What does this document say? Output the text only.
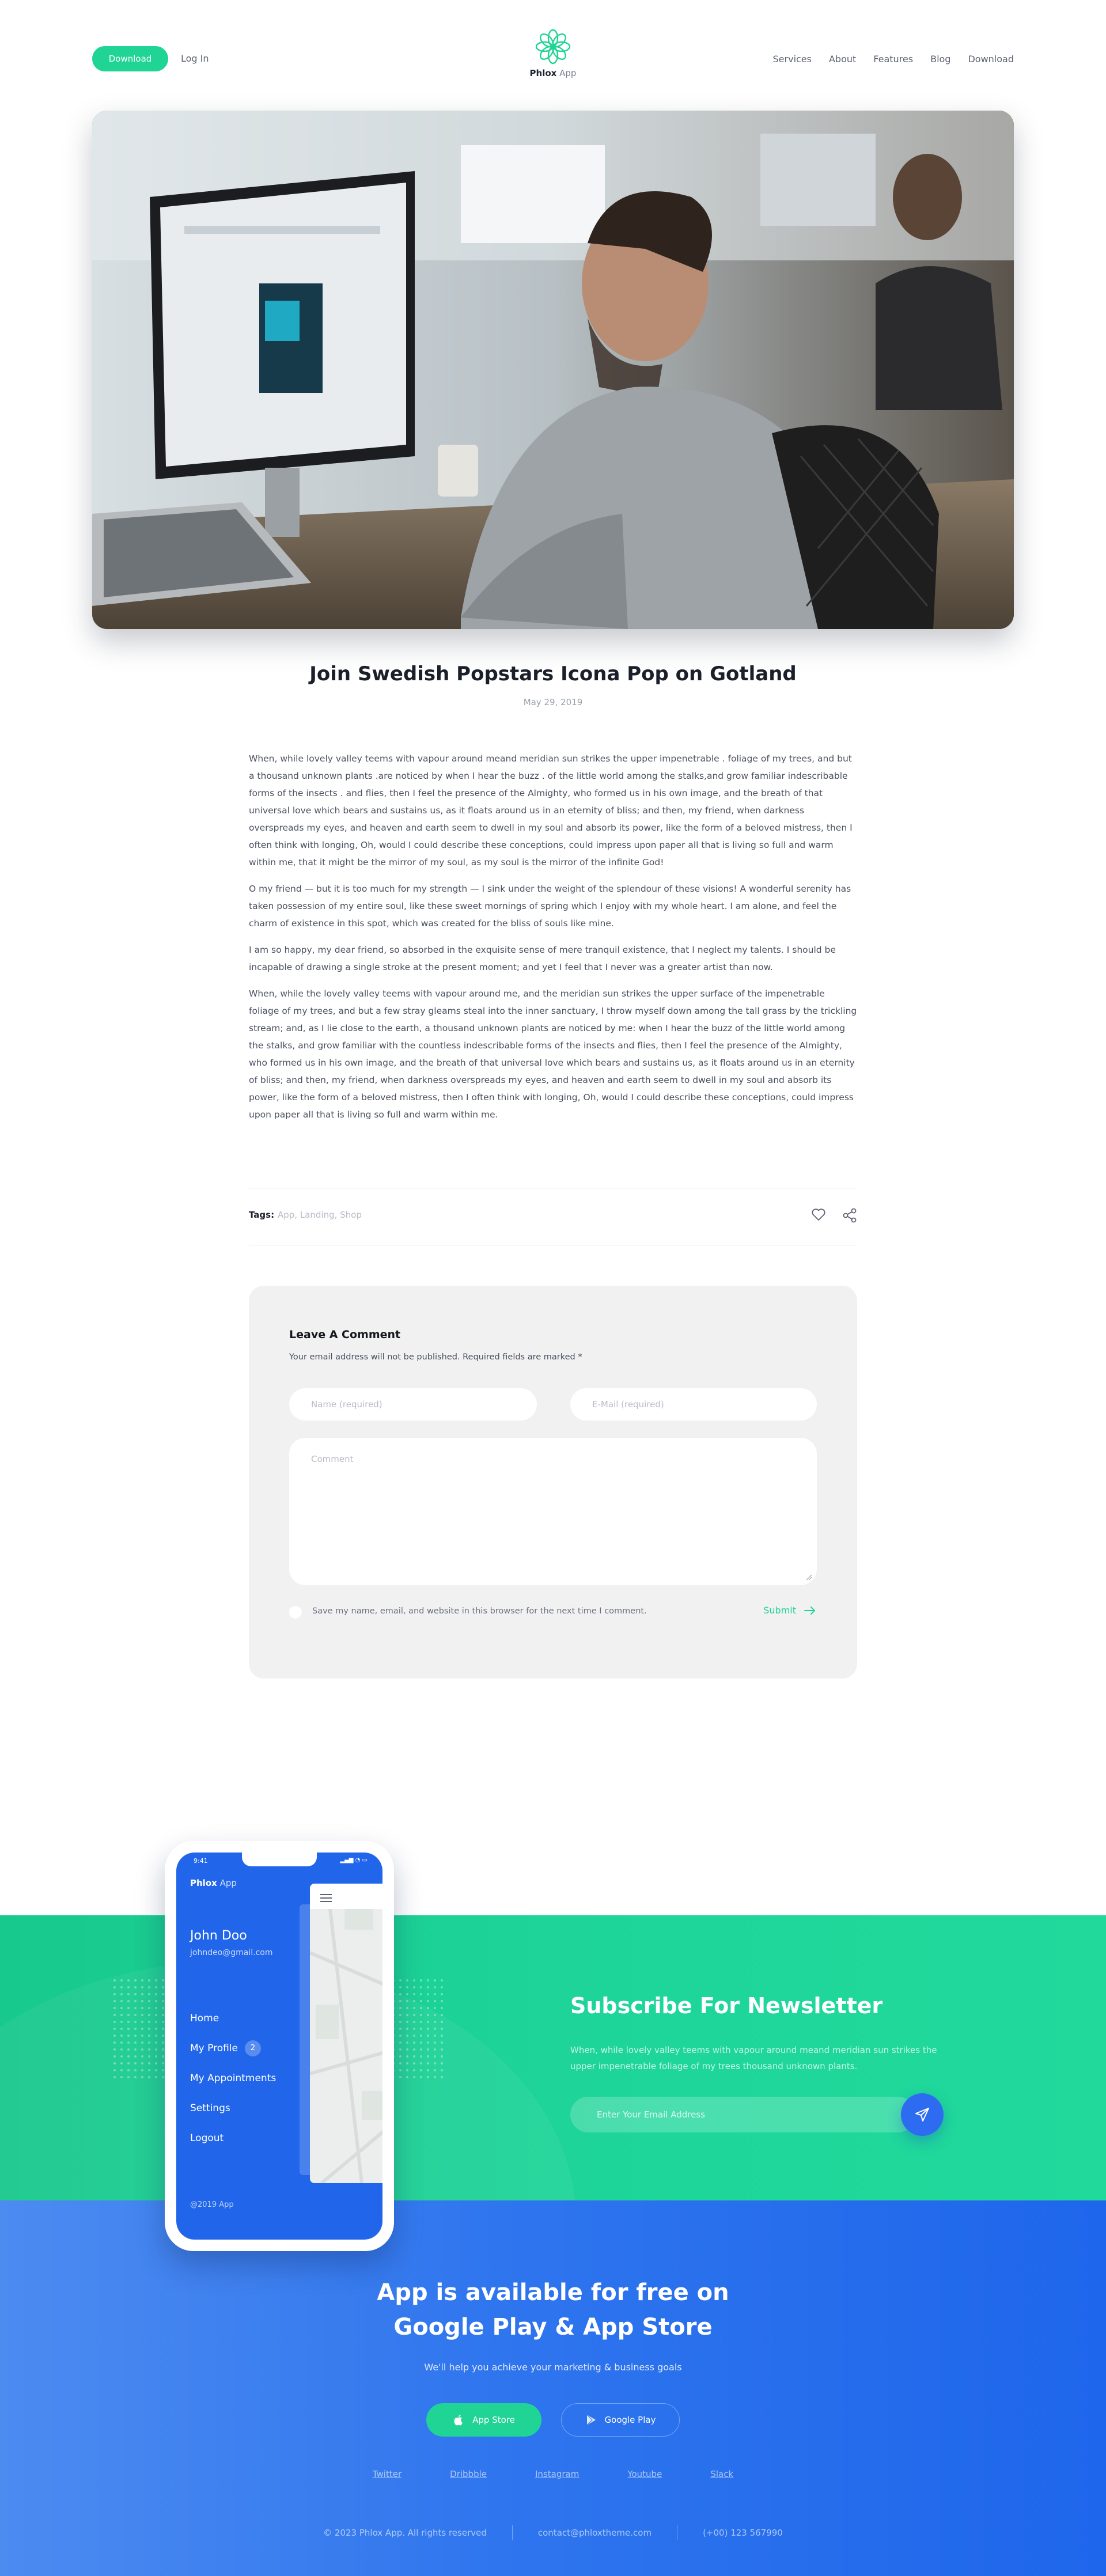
Download	Log In
Phlox App
Services About Features Blog Download
Join Swedish Popstars Icona Pop on Gotland
May 29, 2019

When, while lovely valley teems with vapour around meand meridian sun strikes the upper impenetrable . foliage of my trees, and but a thousand unknown plants .are noticed by when I hear the buzz . of the little world among the stalks,and grow familiar indescribable forms of the insects . and flies, then I feel the presence of the Almighty, who formed us in his own image, and the breath of that universal love which bears and sustains us, as it floats around us in an eternity of bliss; and then, my friend, when darkness overspreads my eyes, and heaven and earth seem to dwell in my soul and absorb its power, like the form of a beloved mistress, then I often think with longing, Oh, would I could describe these conceptions, could impress upon paper all that is living so full and warm within me, that it might be the mirror of my soul, as my soul is the mirror of the infinite God!

O my friend — but it is too much for my strength — I sink under the weight of the splendour of these visions! A wonderful serenity has taken possession of my entire soul, like these sweet mornings of spring which I enjoy with my whole heart. I am alone, and feel the charm of existence in this spot, which was created for the bliss of souls like mine.

I am so happy, my dear friend, so absorbed in the exquisite sense of mere tranquil existence, that I neglect my talents. I should be incapable of drawing a single stroke at the present moment; and yet I feel that I never was a greater artist than now.

When, while the lovely valley teems with vapour around me, and the meridian sun strikes the upper surface of the impenetrable foliage of my trees, and but a few stray gleams steal into the inner sanctuary, I throw myself down among the tall grass by the trickling stream; and, as I lie close to the earth, a thousand unknown plants are noticed by me: when I hear the buzz of the little world among the stalks, and grow familiar with the countless indescribable forms of the insects and flies, then I feel the presence of the Almighty, who formed us in his own image, and the breath of that universal love which bears and sustains us, as it floats around us in an eternity of bliss; and then, my friend, when darkness overspreads my eyes, and heaven and earth seem to dwell in my soul and absorb its power, like the form of a beloved mistress, then I often think with longing, Oh, would I could describe these conceptions, could impress upon paper all that is living so full and warm within me.

Tags: App, Landing, Shop
Leave A Comment
Your email address will not be published. Required fields are marked *
Name (required)	E-Mail (required)
Comment
Save my name, email, and website in this browser for the next time I comment.	Submit
Subscribe For Newsletter
When, while lovely valley teems with vapour around meand meridian sun strikes the upper impenetrable foliage of my trees thousand unknown plants.
Enter Your Email Address
App is available for free on
Google Play & App Store
We'll help you achieve your marketing & business goals
App Store	Google Play
Twitter	Dribbble	Instagram	Youtube	Slack
© 2023 Phlox App. All rights reserved	contact@phloxtheme.com	(+00) 123 567990
9:41	▂▄▆ ◔ ▭
Phlox App
John Doo
johndeo@gmail.com
Home
My Profile	2
My Appointments
Settings
Logout
@2019 App
